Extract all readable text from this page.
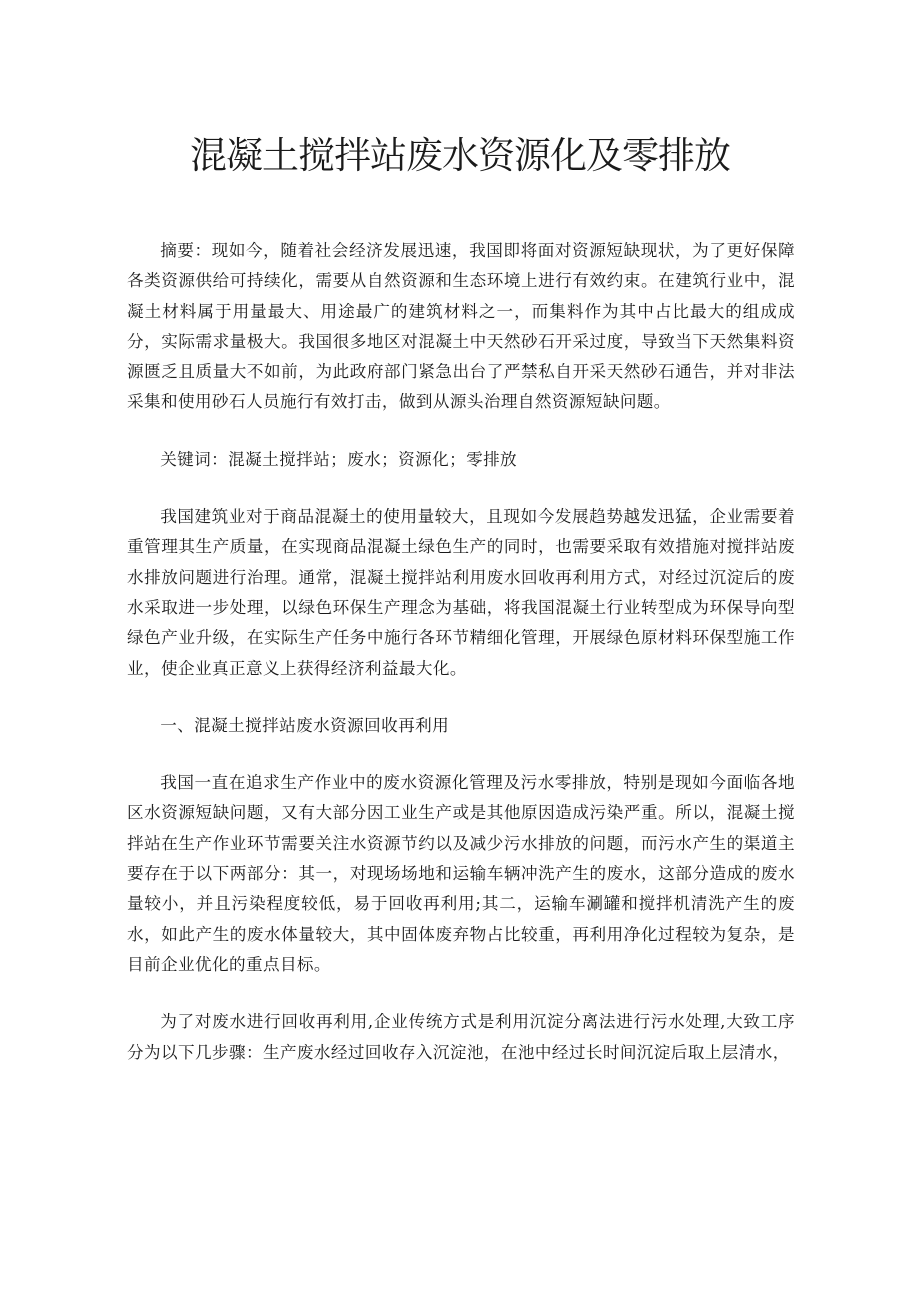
混凝土搅拌站废水资源化及零排放

摘要：现如今，随着社会经济发展迅速，我国即将面对资源短缺现状，为了更好保障各类资源供给可持续化，需要从自然资源和生态环境上进行有效约束。在建筑行业中，混凝土材料属于用量最大、用途最广的建筑材料之一，而集料作为其中占比最大的组成成分，实际需求量极大。我国很多地区对混凝土中天然砂石开采过度，导致当下天然集料资源匮乏且质量大不如前，为此政府部门紧急出台了严禁私自开采天然砂石通告，并对非法采集和使用砂石人员施行有效打击，做到从源头治理自然资源短缺问题。

关键词：混凝土搅拌站；废水；资源化；零排放

我国建筑业对于商品混凝土的使用量较大，且现如今发展趋势越发迅猛，企业需要着重管理其生产质量，在实现商品混凝土绿色生产的同时，也需要采取有效措施对搅拌站废水排放问题进行治理。通常，混凝土搅拌站利用废水回收再利用方式，对经过沉淀后的废水采取进一步处理，以绿色环保生产理念为基础，将我国混凝土行业转型成为环保导向型绿色产业升级，在实际生产任务中施行各环节精细化管理，开展绿色原材料环保型施工作业，使企业真正意义上获得经济利益最大化。

一、混凝土搅拌站废水资源回收再利用

我国一直在追求生产作业中的废水资源化管理及污水零排放，特别是现如今面临各地区水资源短缺问题，又有大部分因工业生产或是其他原因造成污染严重。所以，混凝土搅拌站在生产作业环节需要关注水资源节约以及减少污水排放的问题，而污水产生的渠道主要存在于以下两部分：其一，对现场场地和运输车辆冲洗产生的废水，这部分造成的废水量较小，并且污染程度较低，易于回收再利用;其二，运输车涮罐和搅拌机清洗产生的废水，如此产生的废水体量较大，其中固体废弃物占比较重，再利用净化过程较为复杂，是目前企业优化的重点目标。

为了对废水进行回收再利用,企业传统方式是利用沉淀分离法进行污水处理,大致工序分为以下几步骤：生产废水经过回收存入沉淀池，在池中经过长时间沉淀后取上层清水，
